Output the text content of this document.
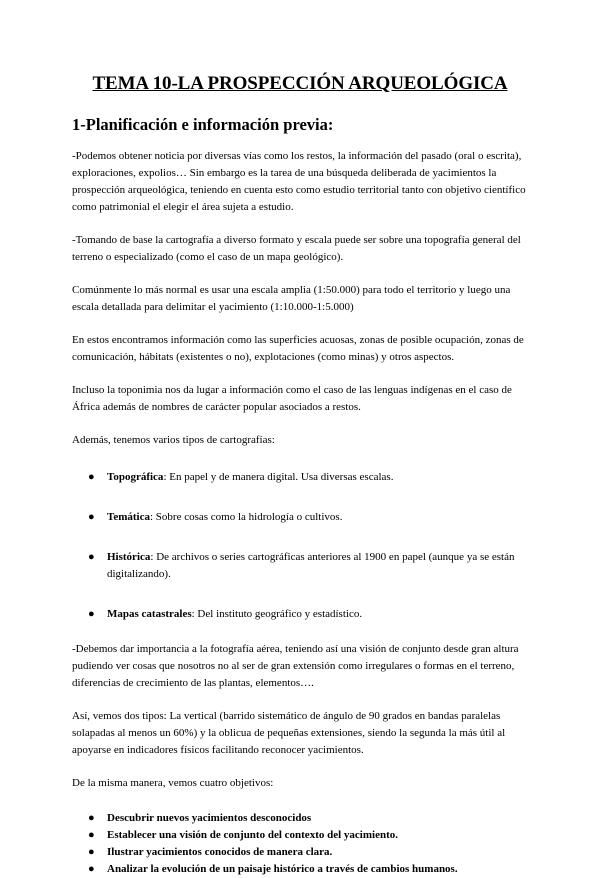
TEMA 10-LA PROSPECCIÓN ARQUEOLÓGICA
1-Planificación e información previa:

-Podemos obtener noticia por diversas vías como los restos, la información del pasado (oral o escrita), exploraciones, expolios… Sin embargo es la tarea de una búsqueda deliberada de yacimientos la prospección arqueológica, teniendo en cuenta esto como estudio territorial tanto con objetivo científico como patrimonial el elegir el área sujeta a estudio.

-Tomando de base la cartografía a diverso formato y escala puede ser sobre una topografía general del terreno o especializado (como el caso de un mapa geológico).

Comúnmente lo más normal es usar una escala amplia (1:50.000) para todo el territorio y luego una escala detallada para delimitar el yacimiento (1:10.000-1:5.000)

En estos encontramos información como las superficies acuosas, zonas de posible ocupación, zonas de comunicación, hábitats (existentes o no), explotaciones (como minas) y otros aspectos.

Incluso la toponimia nos da lugar a información como el caso de las lenguas indígenas en el caso de África además de nombres de carácter popular asociados a restos.

Además, tenemos varios tipos de cartografías:

● Topográfica: En papel y de manera digital. Usa diversas escalas.
● Temática: Sobre cosas como la hidrología o cultivos.
● Histórica: De archivos o series cartográficas anteriores al 1900 en papel (aunque ya se están digitalizando).
● Mapas catastrales: Del instituto geográfico y estadístico.

-Debemos dar importancia a la fotografía aérea, teniendo así una visión de conjunto desde gran altura pudiendo ver cosas que nosotros no al ser de gran extensión como irregulares o formas en el terreno, diferencias de crecimiento de las plantas, elementos….

Así, vemos dos tipos: La vertical (barrido sistemático de ángulo de 90 grados en bandas paralelas solapadas al menos un 60%) y la oblicua de pequeñas extensiones, siendo la segunda la más útil al apoyarse en indicadores físicos facilitando reconocer yacimientos.

De la misma manera, vemos cuatro objetivos:

● Descubrir nuevos yacimientos desconocidos
● Establecer una visión de conjunto del contexto del yacimiento.
● Ilustrar yacimientos conocidos de manera clara.
● Analizar la evolución de un paisaje histórico a través de cambios humanos.
